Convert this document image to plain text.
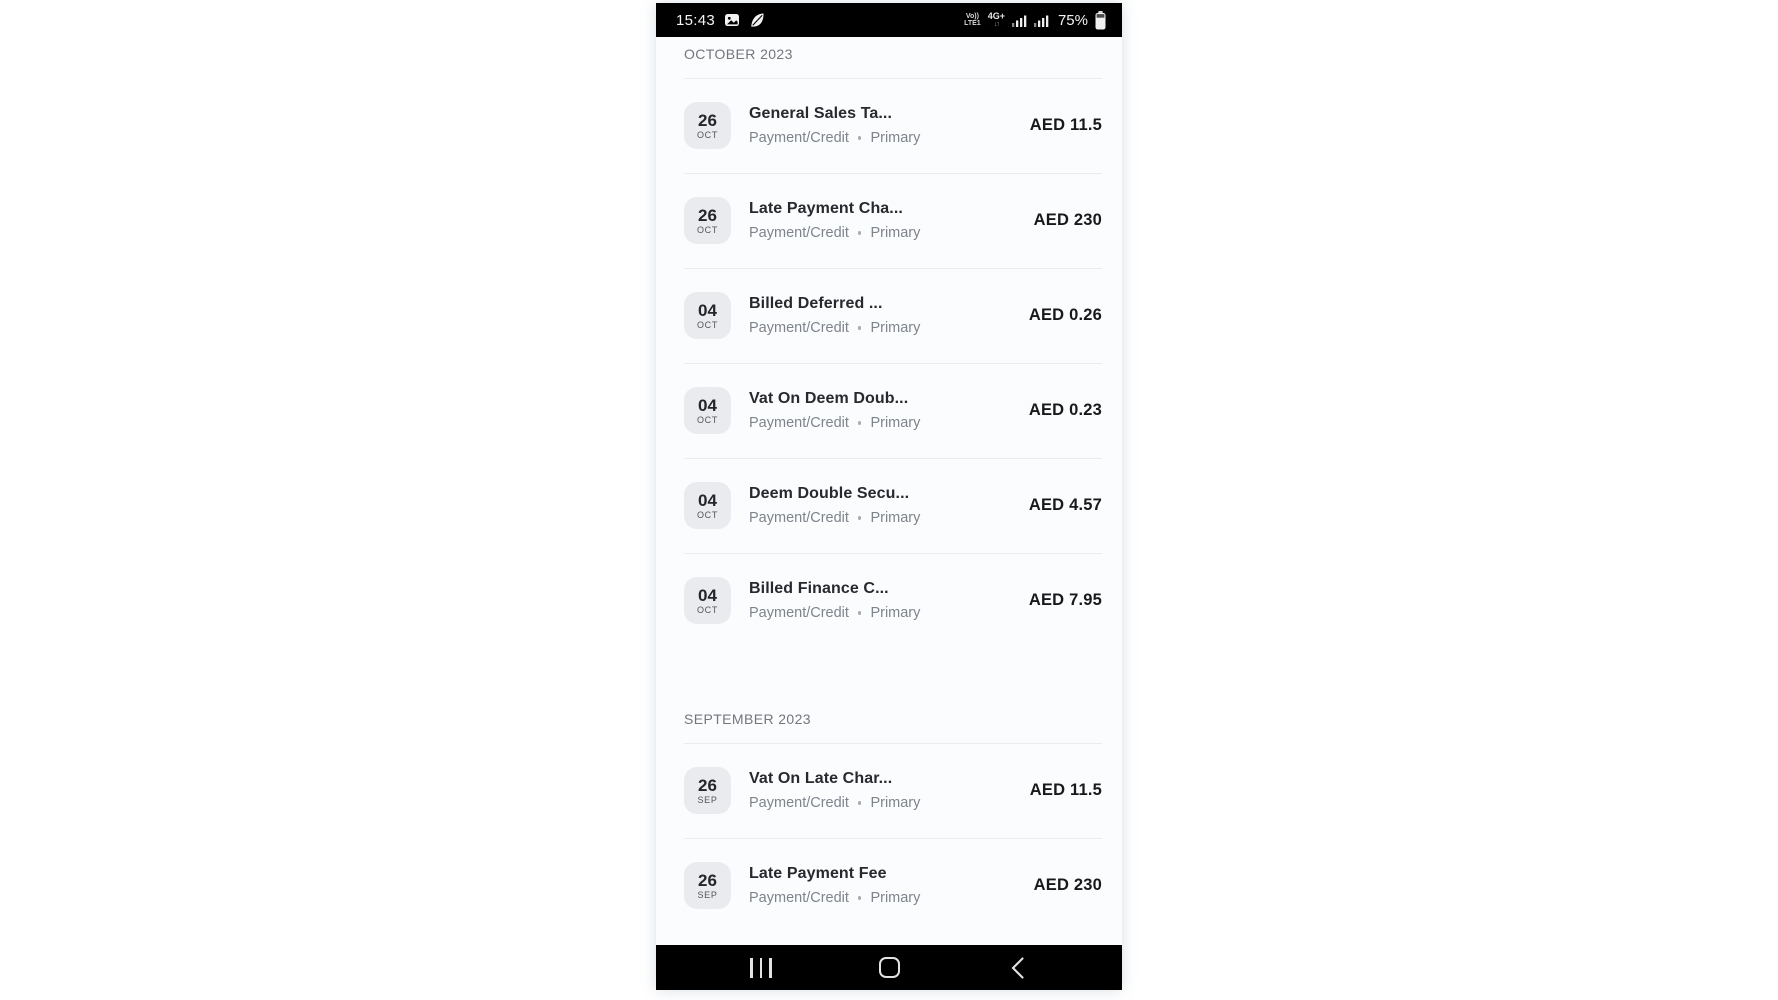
15:43	Vo))
LTE1
4G+
↓↑	75%
OCTOBER 2023
26
OCT
General Sales Ta...
Payment/Credit Primary
AED 11.5
26
OCT
Late Payment Cha...
Payment/Credit Primary
AED 230
04
OCT
Billed Deferred ...
Payment/Credit Primary
AED 0.26
04
OCT
Vat On Deem Doub...
Payment/Credit Primary
AED 0.23
04
OCT
Deem Double Secu...
Payment/Credit Primary
AED 4.57
04
OCT
Billed Finance C...
Payment/Credit Primary
AED 7.95
SEPTEMBER 2023
26
SEP
Vat On Late Char...
Payment/Credit Primary
AED 11.5
26
SEP
Late Payment Fee
Payment/Credit Primary
AED 230
